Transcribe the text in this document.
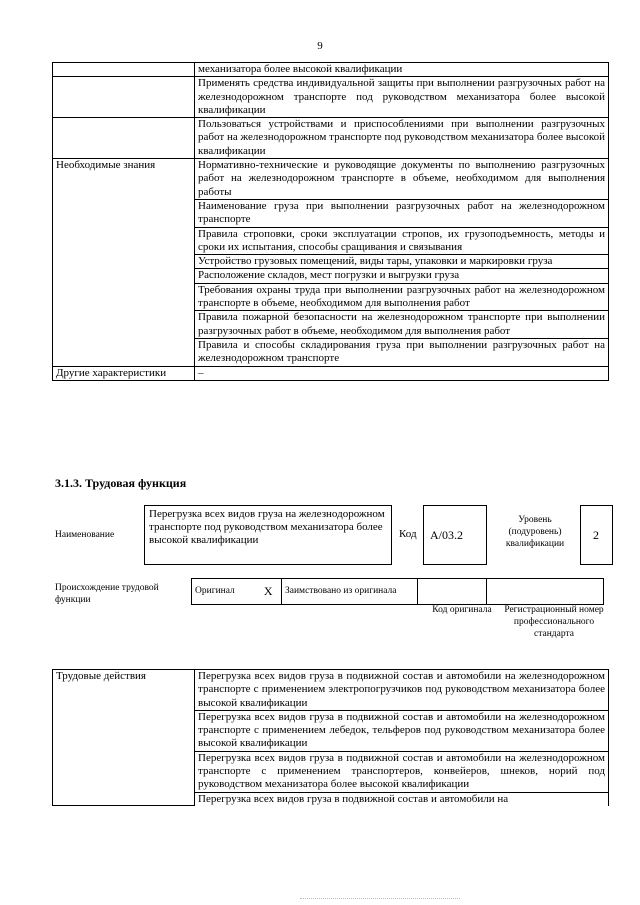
9
	механизатора более высокой квалификации
	Применять средства индивидуальной защиты при выполнении разгрузочных работ на железнодорожном транспорте под руководством механизатора более высокой квалификации
	Пользоваться устройствами и приспособлениями при выполнении разгрузочных работ на железнодорожном транспорте под руководством механизатора более высокой квалификации
Необходимые знания	Нормативно-технические и руководящие документы по выполнению разгрузочных работ на железнодорожном транспорте в объеме, необходимом для выполнения работы
	Наименование груза при выполнении разгрузочных работ на железнодорожном транспорте
	Правила строповки, сроки эксплуатации стропов, их грузоподъемность, методы и сроки их испытания, способы сращивания и связывания
	Устройство грузовых помещений, виды тары, упаковки и маркировки груза
	Расположение складов, мест погрузки и выгрузки груза
	Требования охраны труда при выполнении разгрузочных работ на железнодорожном транспорте в объеме, необходимом для выполнения работ
	Правила пожарной безопасности на железнодорожном транспорте при выполнении разгрузочных работ в объеме, необходимом для выполнения работ
	Правила и способы складирования груза при выполнении разгрузочных работ на железнодорожном транспорте
Другие характеристики	–
3.1.3. Трудовая функция
Наименование
Перегрузка всех видов груза на железнодорожном транспорте под руководством механизатора более высокой квалификации	Код А/03.2
Уровень (подуровень) квалификации
2
Происхождение трудовой функции
Оригинал	X	Заимствовано из оригинала		
Код оригинала	Регистрационный номер профессионального стандарта
Трудовые действия	Перегрузка всех видов груза в подвижной состав и автомобили на железнодорожном транспорте с применением электропогрузчиков под руководством механизатора более высокой квалификации
Перегрузка всех видов груза в подвижной состав и автомобили на железнодорожном транспорте с применением лебедок, тельферов под руководством механизатора более высокой квалификации
Перегрузка всех видов груза в подвижной состав и автомобили на железнодорожном транспорте с применением транспортеров, конвейеров, шнеков, норий под руководством механизатора более высокой квалификации
Перегрузка всех видов груза в подвижной состав и автомобили на
